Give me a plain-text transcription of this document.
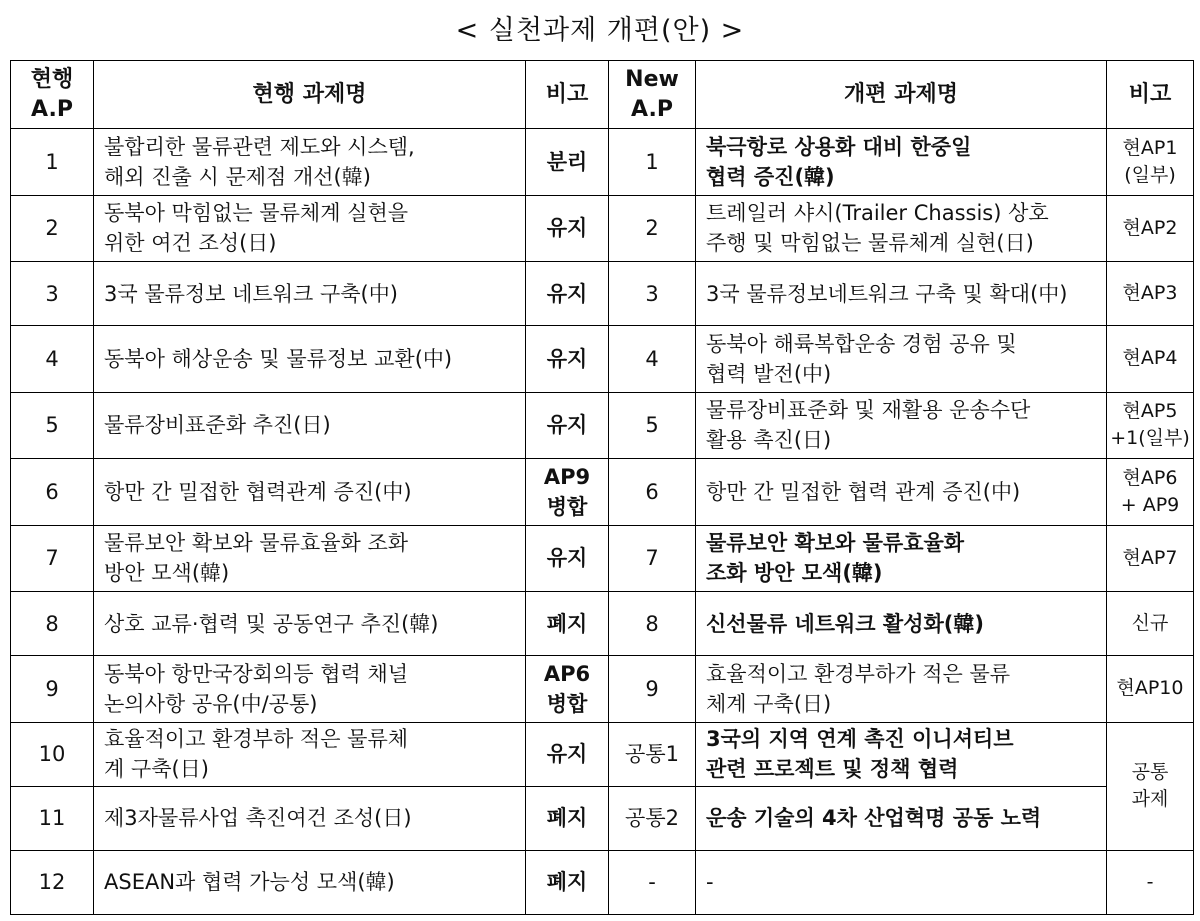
< 실천과제 개편(안) >
현행 A.P	현행 과제명	비고	New A.P	개편 과제명	비고
1	불합리한 물류관련 제도와 시스템,
해외 진출 시 문제점 개선(韓)	분리	1	북극항로 상용화 대비 한중일
협력 증진(韓)	현AP1
(일부)

2	동북아 막힘없는 물류체계 실현을
위한 여건 조성(日)	유지	2	트레일러 샤시(Trailer Chassis) 상호
주행 및 막힘없는 물류체계 실현(日)	현AP2
3	3국 물류정보 네트워크 구축(中)	유지	3	3국 물류정보네트워크 구축 및 확대(中)	현AP3
4	동북아 해상운송 및 물류정보 교환(中)	유지	4	동북아 해륙복합운송 경험 공유 및
협력 발전(中)	현AP4
5	물류장비표준화 추진(日)	유지	5	물류장비표준화 및 재활용 운송수단
활용 촉진(日)	현AP5
+1(일부)

6	항만 간 밀접한 협력관계 증진(中)	AP9
병합	6	항만 간 밀접한 협력 관계 증진(中)	현AP6
+ AP9

7	물류보안 확보와 물류효율화 조화
방안 모색(韓)	유지	7	물류보안 확보와 물류효율화
조화 방안 모색(韓)	현AP7
8	상호 교류·협력 및 공동연구 추진(韓)	폐지	8	신선물류 네트워크 활성화(韓)	신규
9	동북아 항만국장회의등 협력 채널
논의사항 공유(中/공통)	AP6
병합	9	효율적이고 환경부하가 적은 물류
체계 구축(日)	현AP10
10	효율적이고 환경부하 적은 물류체
계 구축(日)	유지	공통1	3국의 지역 연계 촉진 이니셔티브
관련 프로젝트 및 정책 협력	공통
과제

11	제3자물류사업 촉진여건 조성(日)	폐지	공통2	운송 기술의 4차 산업혁명 공동 노력	
12	ASEAN과 협력 가능성 모색(韓)	폐지	-	-	-
